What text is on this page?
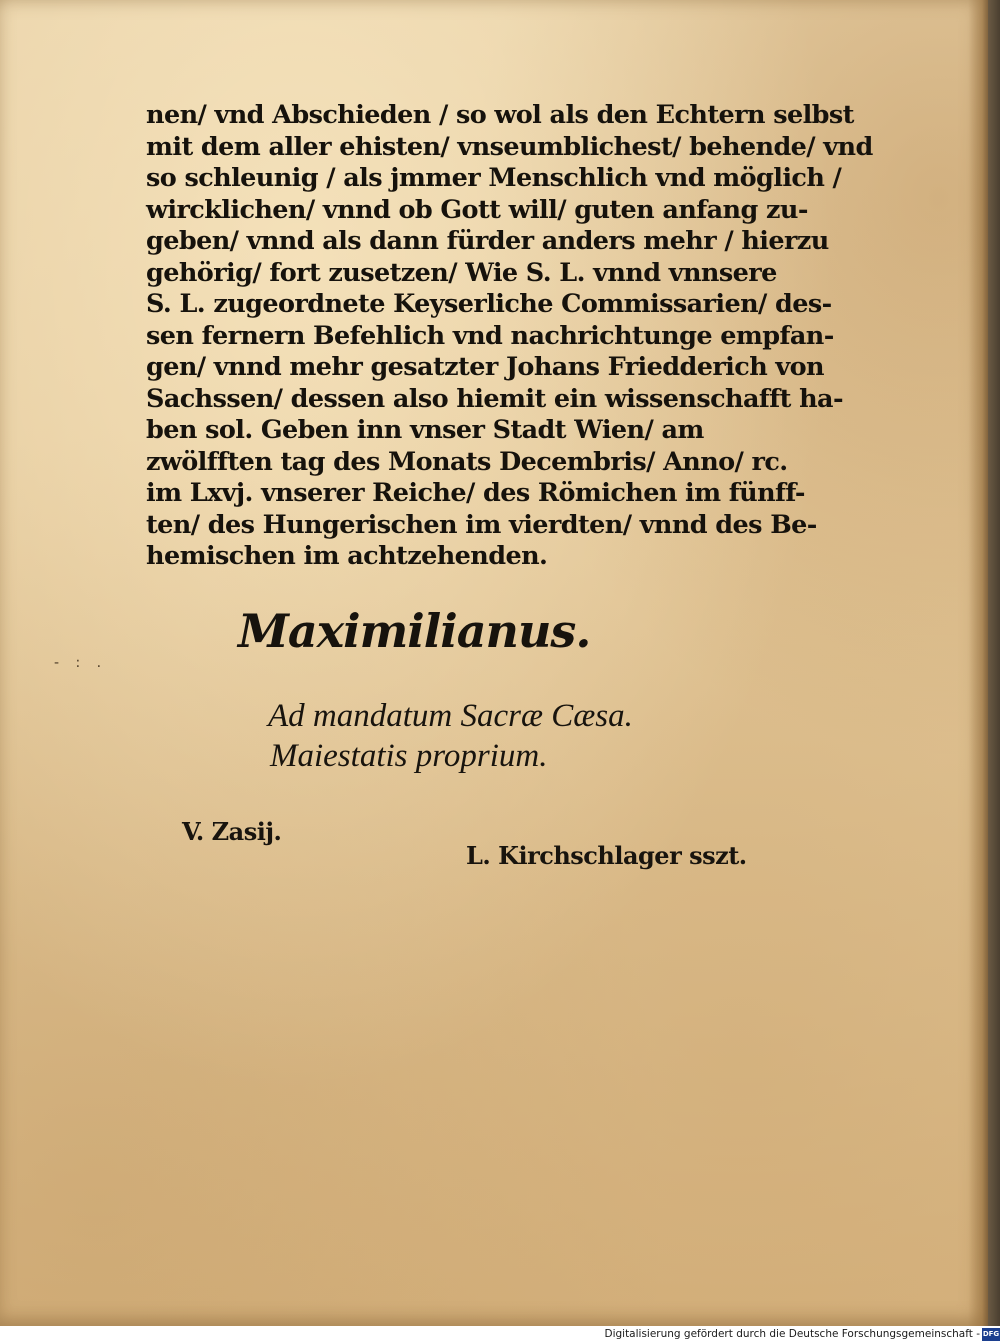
nen/ vnd Abschieden / so wol als den Echtern selbst
mit dem aller ehisten/ vnseumblichest/ behende/ vnd
so schleunig / als jmmer Menschlich vnd möglich /
wircklichen/ vnnd ob Gott will/ guten anfang zu-
geben/ vnnd als dann fürder anders mehr / hierzu
gehörig/ fort zusetzen/ Wie S. L. vnnd vnnsere
S. L. zugeordnete Keyserliche Commissarien/ des-
sen fernern Befehlich vnd nachrichtunge empfan-
gen/ vnnd mehr gesatzter Johans Friedderich von
Sachssen/ dessen also hiemit ein wissenschafft ha-
ben sol. Geben inn vnser Stadt Wien/ am
zwölfften tag des Monats Decembris/ Anno/ rc.
im Lxvj. vnserer Reiche/ des Römichen im fünff-
ten/ des Hungerischen im vierdten/ vnnd des Be-
hemischen im achtzehenden.
- : .
Maximilianus.
Ad mandatum Sacræ Cæsa.
Maiestatis proprium.
V. Zasij.
L. Kirchschlager sszt.
Digitalisierung gefördert durch die Deutsche Forschungsgemeinschaft - DFG
